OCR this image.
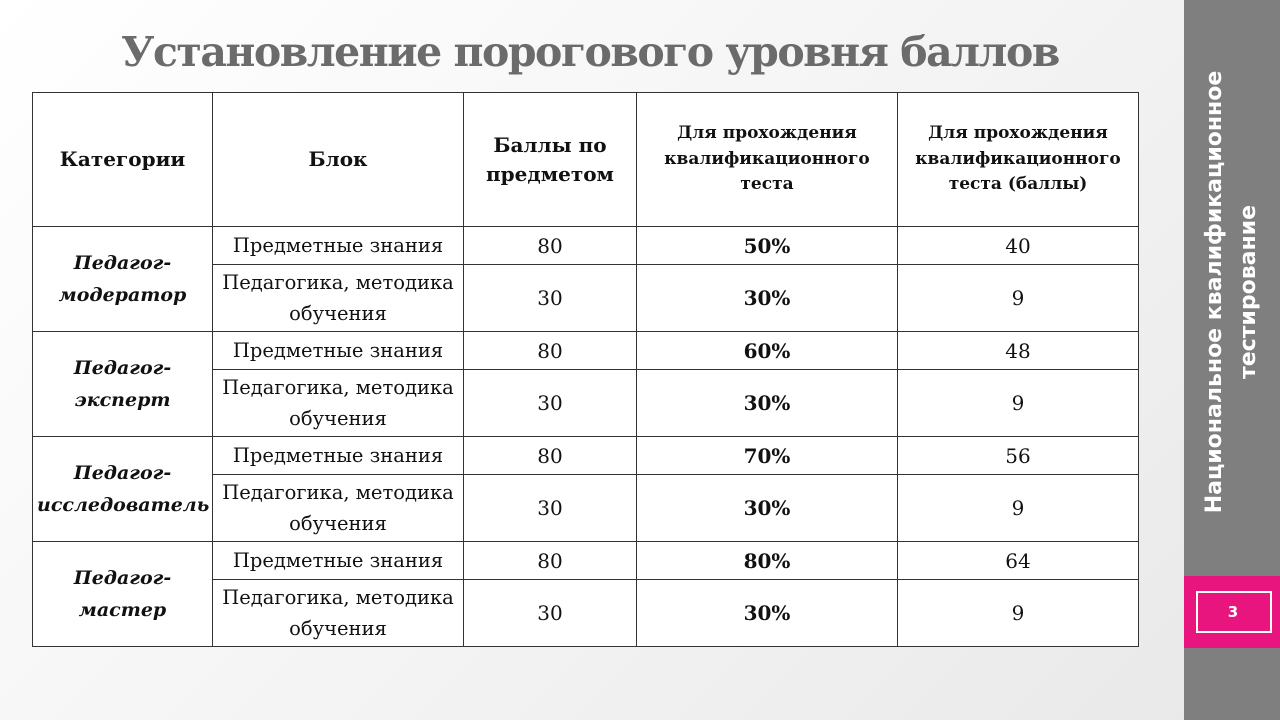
Установление порогового уровня баллов
Категории	Блок	Баллы по предметом	Для прохождения квалификационного теста	Для прохождения квалификационного теста (баллы)
Педагог-модератор	Предметные знания	80	50%	40
	Педагогика, методика обучения	30	30%	9
Педагог-эксперт	Предметные знания	80	60%	48
	Педагогика, методика обучения	30	30%	9
Педагог-исследователь	Предметные знания	80	70%	56
	Педагогика, методика обучения	30	30%	9
Педагог-мастер	Предметные знания	80	80%	64
	Педагогика, методика обучения	30	30%	9
Национальное квалификационное тестирование
3
